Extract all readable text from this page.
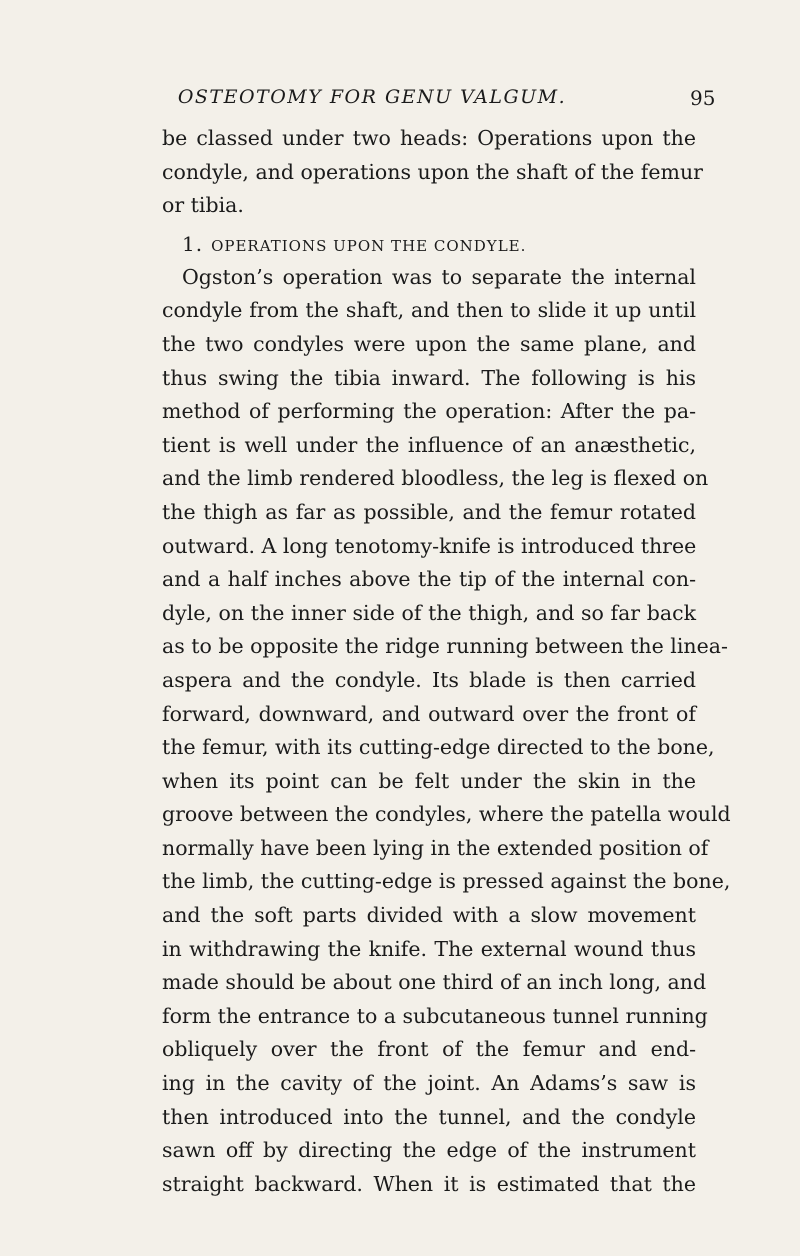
OSTEOTOMY FOR GENU VALGUM.	95
be classed under two heads: Operations upon the
condyle, and operations upon the shaft of the femur
or tibia.
1. OPERATIONS UPON THE CONDYLE.
Ogston’s operation was to separate the internal
condyle from the shaft, and then to slide it up until
the two condyles were upon the same plane, and
thus swing the tibia inward. The following is his
method of performing the operation: After the pa-
tient is well under the influence of an anæsthetic,
and the limb rendered bloodless, the leg is flexed on
the thigh as far as possible, and the femur rotated
outward. A long tenotomy-knife is introduced three
and a half inches above the tip of the internal con-
dyle, on the inner side of the thigh, and so far back
as to be opposite the ridge running between the linea-
aspera and the condyle. Its blade is then carried
forward, downward, and outward over the front of
the femur, with its cutting-edge directed to the bone,
when its point can be felt under the skin in the
groove between the condyles, where the patella would
normally have been lying in the extended position of
the limb, the cutting-edge is pressed against the bone,
and the soft parts divided with a slow movement
in withdrawing the knife. The external wound thus
made should be about one third of an inch long, and
form the entrance to a subcutaneous tunnel running
obliquely over the front of the femur and end-
ing in the cavity of the joint. An Adams’s saw is
then introduced into the tunnel, and the condyle
sawn off by directing the edge of the instrument
straight backward. When it is estimated that the
